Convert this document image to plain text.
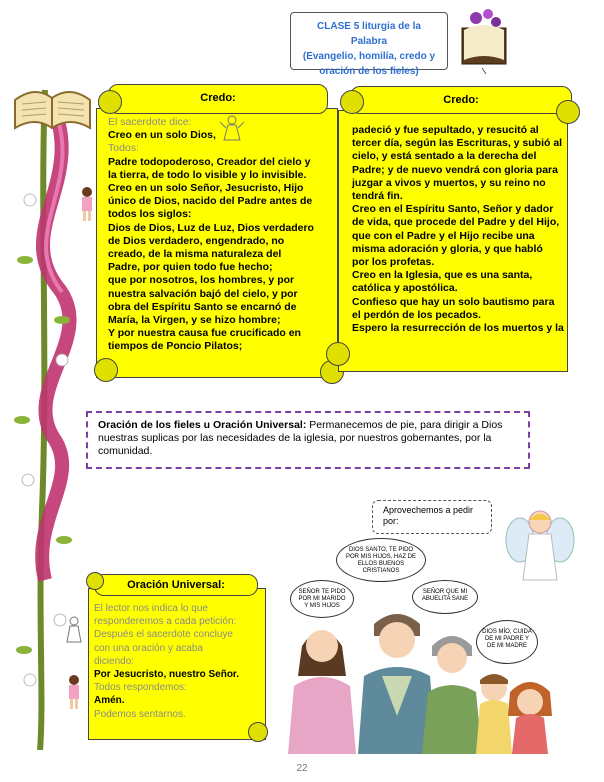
CLASE 5 liturgia de la Palabra
(Evangelio, homilía, credo y
oración de los fieles)
Credo:
El sacerdote dice:
Creo en un solo Dios,
Todos:
Padre todopoderoso, Creador del cielo y
la tierra, de todo lo visible y lo invisible.
Creo en un solo Señor, Jesucristo, Hijo
único de Dios, nacido del Padre antes de
todos los siglos:
Dios de Dios, Luz de Luz, Dios verdadero
de Dios verdadero, engendrado, no
creado, de la misma naturaleza del
Padre, por quien todo fue hecho;
que por nosotros, los hombres, y por
nuestra salvación bajó del cielo, y por
obra del Espíritu Santo se encarnó de
María, la Virgen, y se hizo hombre;
Y por nuestra causa fue crucificado en
tiempos de Poncio Pilatos;
Credo:
padeció y fue sepultado, y resucitó al
tercer día, según las Escrituras, y subió al
cielo, y está sentado a la derecha del
Padre; y de nuevo vendrá con gloria para
juzgar a vivos y muertos, y su reino no
tendrá fin.
Creo en el Espíritu Santo, Señor y dador
de vida, que procede del Padre y del Hijo,
que con el Padre y el Hijo recibe una
misma adoración y gloria, y que habló
por los profetas.
Creo en la Iglesia, que es una santa,
católica y apostólica.
Confieso que hay un solo bautismo para
el perdón de los pecados.
Espero la resurrección de los muertos y la
Oración de los fieles u Oración Universal: Permanecemos de pie, para dirigir a Dios nuestras suplicas por las necesidades de la iglesia, por nuestros gobernantes, por la comunidad.
Oración Universal:
El lector nos indica lo que
responderemos a cada petición:
Después el sacerdote concluye
con una oración y acaba
diciendo:
Por Jesucristo, nuestro Señor.
Todos respondemos:
Amén.
Podemos sentarnos.
Aprovechemos a pedir por:
DIOS SANTO, TE PIDO POR MIS HIJOS, HAZ DE ELLOS BUENOS CRISTIANOS
SEÑOR TE PIDO POR MI MARIDO Y MIS HIJOS
SEÑOR QUE MI ABUELITA SANE
DIOS MÍO, CUIDA DE MI PADRE Y DE MI MADRE
22
